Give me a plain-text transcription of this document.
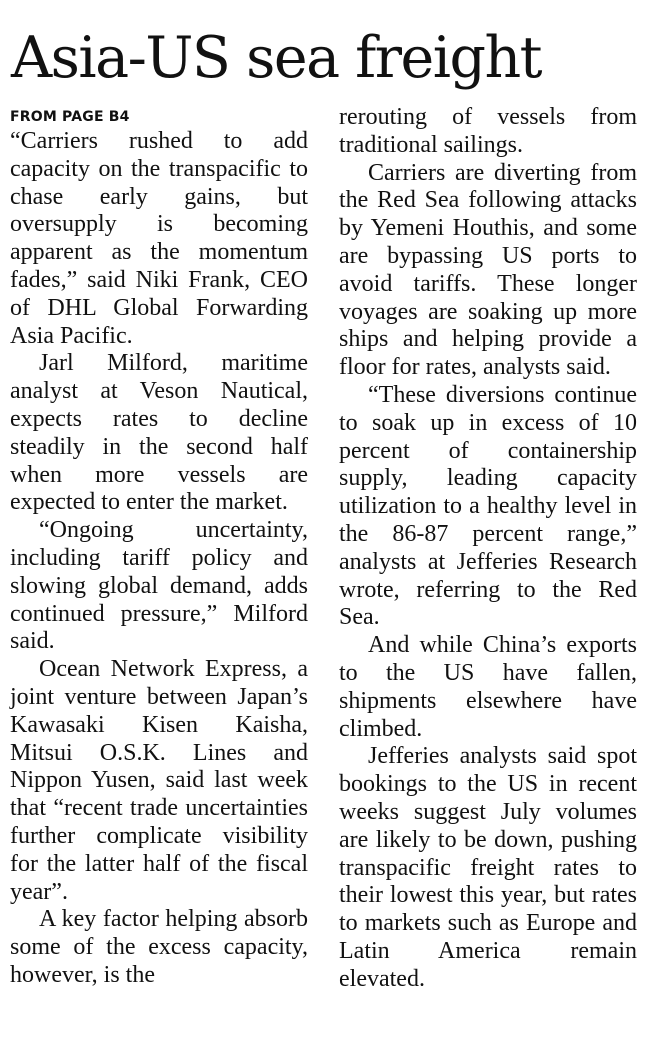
Asia-US sea freight
FROM PAGE B4

“Carriers rushed to add capacity on the transpacific to chase early gains, but oversupply is becoming apparent as the momentum fades,” said Niki Frank, CEO of DHL Global Forwarding Asia Pacific.

Jarl Milford, maritime analyst at Veson Nautical, expects rates to decline steadily in the second half when more vessels are expected to enter the market.

“Ongoing uncertainty, including tariff policy and slowing global demand, adds continued pressure,” Milford said.

Ocean Network Express, a joint venture between Japan’s Kawasaki Kisen Kaisha, Mitsui O.S.K. Lines and Nippon Yusen, said last week that “recent trade uncertainties further complicate visibility for the latter half of the fiscal year”.

A key factor helping absorb some of the excess capacity, however, is the

rerouting of vessels from traditional sailings.

Carriers are diverting from the Red Sea following attacks by Yemeni Houthis, and some are bypassing US ports to avoid tariffs. These longer voyages are soaking up more ships and helping provide a floor for rates, analysts said.

“These diversions continue to soak up in excess of 10 percent of containership supply, leading capacity utilization to a healthy level in the 86-87 percent range,” analysts at Jefferies Research wrote, referring to the Red Sea.

And while China’s exports to the US have fallen, shipments elsewhere have climbed.

Jefferies analysts said spot bookings to the US in recent weeks suggest July volumes are likely to be down, pushing transpacific freight rates to their lowest this year, but rates to markets such as Europe and Latin America remain elevated.
